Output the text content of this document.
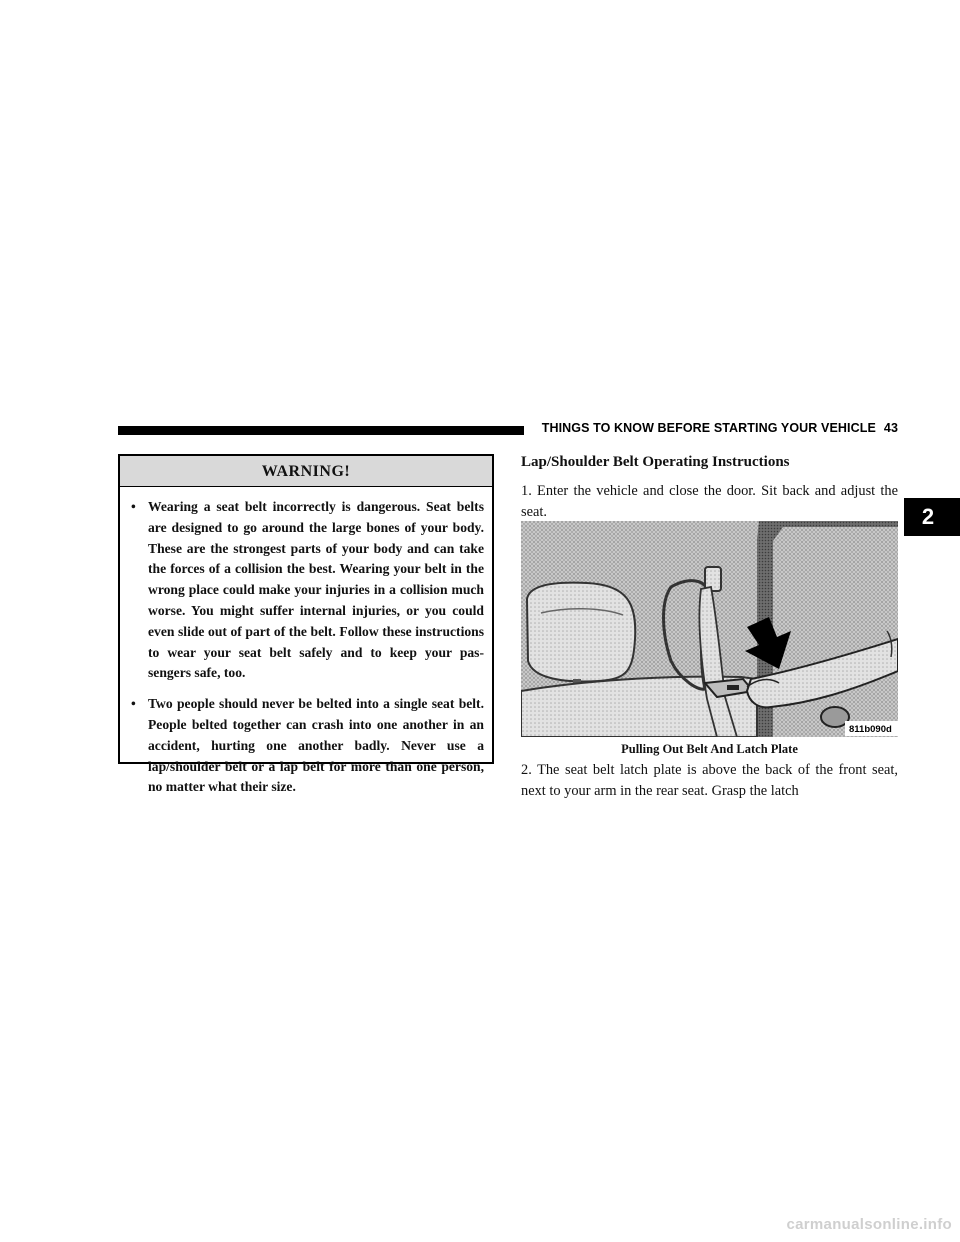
THINGS TO KNOW BEFORE STARTING YOUR VEHICLE 43
2
WARNING!
• Wearing a seat belt incorrectly is dangerous. Seat belts are designed to go around the large bones of your body. These are the strongest parts of your body and can take the forces of a collision the best. Wearing your belt in the wrong place could make your injuries in a collision much worse. You might suffer internal injuries, or you could even slide out of part of the belt. Follow these instructions to wear your seat belt safely and to keep your pas- sengers safe, too.
• Two people should never be belted into a single seat belt. People belted together can crash into one another in an accident, hurting one another badly. Never use a lap/shoulder belt or a lap belt for more than one person, no matter what their size.
Lap/Shoulder Belt Operating Instructions
1. Enter the vehicle and close the door. Sit back and adjust the seat.
811b090d
Pulling Out Belt And Latch Plate
2. The seat belt latch plate is above the back of the front seat, next to your arm in the rear seat. Grasp the latch
carmanualsonline.info
